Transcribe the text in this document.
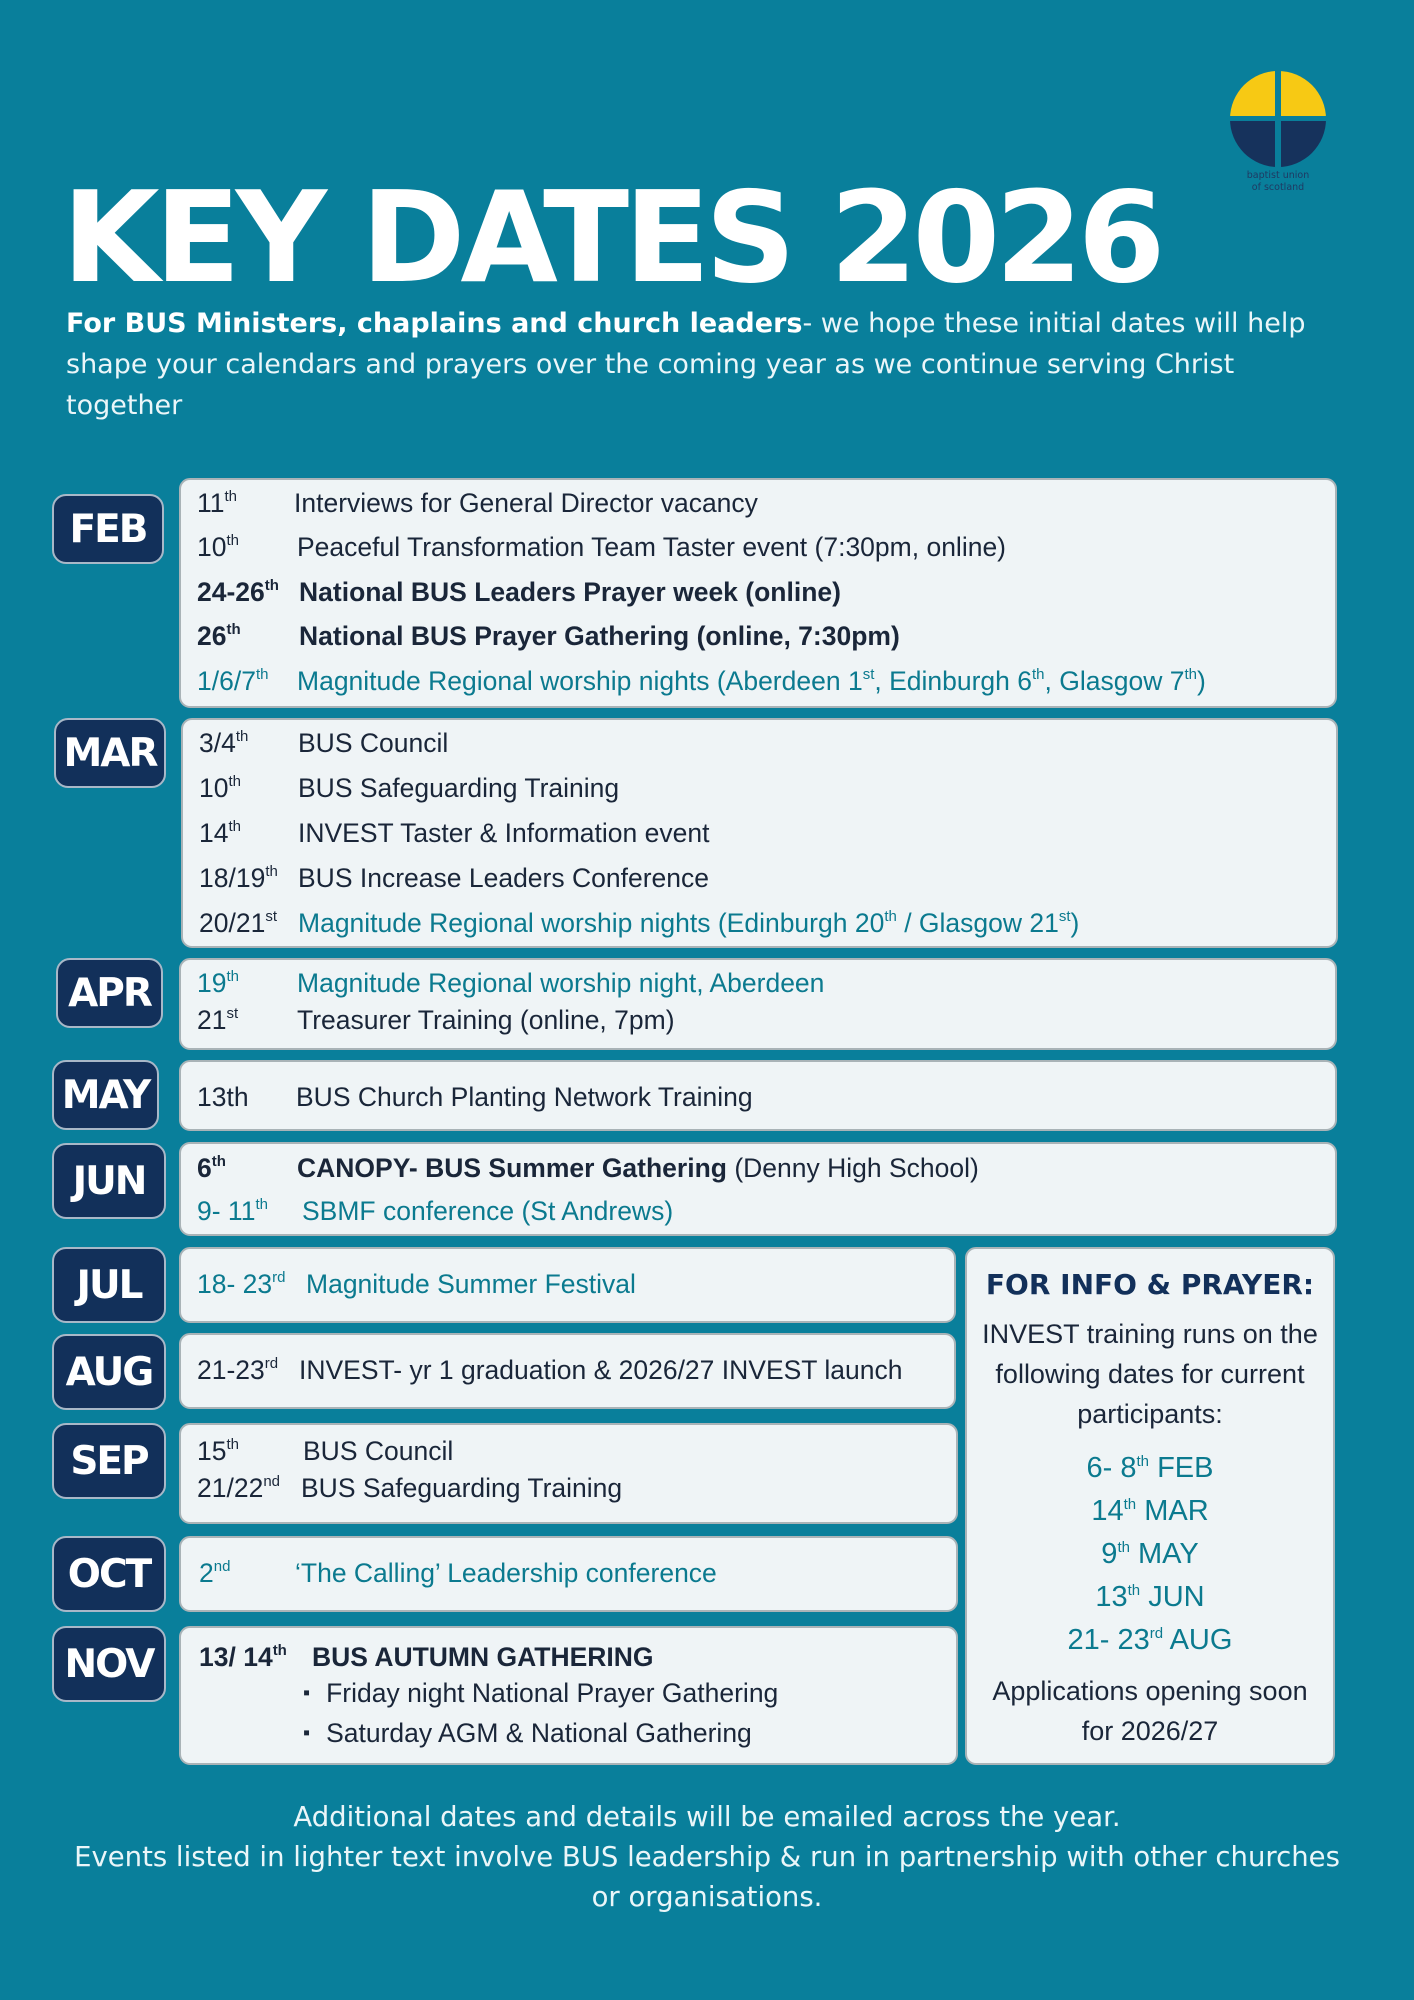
baptist union
of scotland
KEY DATES 2026

For BUS Ministers, chaplains and church leaders- we hope these initial dates will help shape your calendars and prayers over the coming year as we continue serving Christ together

FEB
11th Interviews for General Director vacancy
10th Peaceful Transformation Team Taster event (7:30pm, online)
24-26th National BUS Leaders Prayer week (online)
26th National BUS Prayer Gathering (online, 7:30pm)
1/6/7th Magnitude Regional worship nights (Aberdeen 1st, Edinburgh 6th, Glasgow 7th)
MAR	3/4th BUS Council
10th BUS Safeguarding Training
14th INVEST Taster & Information event
18/19th BUS Increase Leaders Conference
20/21st Magnitude Regional worship nights (Edinburgh 20th / Glasgow 21st)
APR	19th Magnitude Regional worship night, Aberdeen
21st Treasurer Training (online, 7pm)
MAY	13th BUS Church Planting Network Training
JUN	6th	CANOPY- BUS Summer Gathering (Denny High School)
9- 11th SBMF conference (St Andrews)
JUL	18- 23rd Magnitude Summer Festival
AUG	21-23rd INVEST- yr 1 graduation & 2026/27 INVEST launch
SEP	15th BUS Council
21/22nd BUS Safeguarding Training
OCT	2nd ‘The Calling’ Leadership conference
NOV	13/ 14th BUS AUTUMN GATHERING
▪ Friday night National Prayer Gathering
▪ Saturday AGM & National Gathering
FOR INFO & PRAYER:
INVEST training runs on the following dates for current participants:
6- 8th FEB
14th MAR
9th MAY
13th JUN
21- 23rd AUG
Applications opening soon for 2026/27
Additional dates and details will be emailed across the year.
Events listed in lighter text involve BUS leadership & run in partnership with other churches or organisations.
